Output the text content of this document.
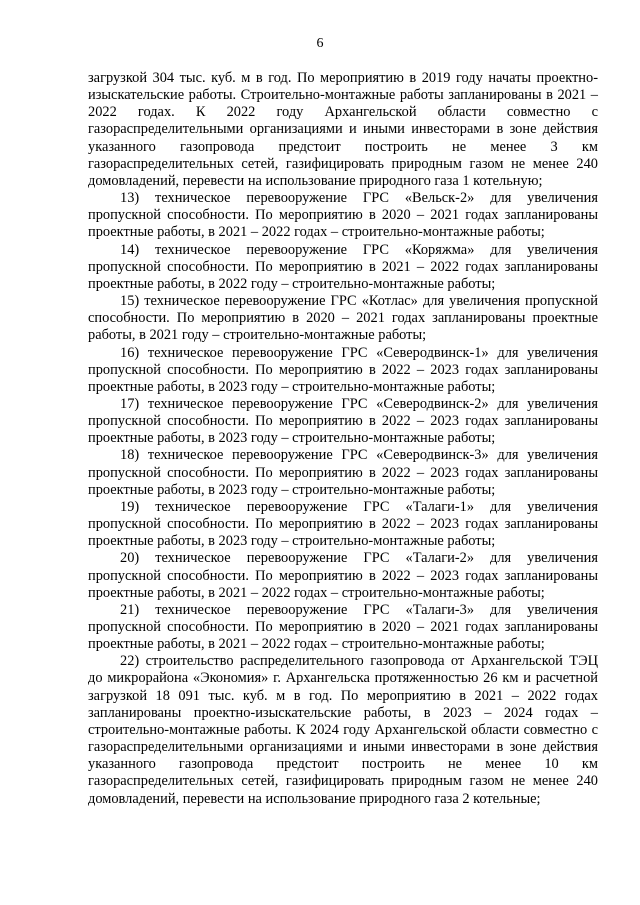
6

загрузкой 304 тыс. куб. м в год. По мероприятию в 2019 году начаты проектно-изыскательские работы. Строительно-монтажные работы запланированы в 2021 – 2022 годах. К 2022 году Архангельской области совместно с газораспределительными организациями и иными инвесторами в зоне действия указанного газопровода предстоит построить не менее 3 км газораспределительных сетей, газифицировать природным газом не менее 240 домовладений, перевести на использование природного газа 1 котельную;

13) техническое перевооружение ГРС «Вельск-2» для увеличения пропускной способности. По мероприятию в 2020 – 2021 годах запланированы проектные работы, в 2021 – 2022 годах – строительно-монтажные работы;

14) техническое перевооружение ГРС «Коряжма» для увеличения пропускной способности. По мероприятию в 2021 – 2022 годах запланированы проектные работы, в 2022 году – строительно-монтажные работы;

15) техническое перевооружение ГРС «Котлас» для увеличения пропускной способности. По мероприятию в 2020 – 2021 годах запланированы проектные работы, в 2021 году – строительно-монтажные работы;

16) техническое перевооружение ГРС «Северодвинск-1» для увеличения пропускной способности. По мероприятию в 2022 – 2023 годах запланированы проектные работы, в 2023 году – строительно-монтажные работы;

17) техническое перевооружение ГРС «Северодвинск-2» для увеличения пропускной способности. По мероприятию в 2022 – 2023 годах запланированы проектные работы, в 2023 году – строительно-монтажные работы;

18) техническое перевооружение ГРС «Северодвинск-3» для увеличения пропускной способности. По мероприятию в 2022 – 2023 годах запланированы проектные работы, в 2023 году – строительно-монтажные работы;

19) техническое перевооружение ГРС «Талаги-1» для увеличения пропускной способности. По мероприятию в 2022 – 2023 годах запланированы проектные работы, в 2023 году – строительно-монтажные работы;

20) техническое перевооружение ГРС «Талаги-2» для увеличения пропускной способности. По мероприятию в 2022 – 2023 годах запланированы проектные работы, в 2021 – 2022 годах – строительно-монтажные работы;

21) техническое перевооружение ГРС «Талаги-3» для увеличения пропускной способности. По мероприятию в 2020 – 2021 годах запланированы проектные работы, в 2021 – 2022 годах – строительно-монтажные работы;

22) строительство распределительного газопровода от Архангельской ТЭЦ до микрорайона «Экономия» г. Архангельска протяженностью 26 км и расчетной загрузкой 18 091 тыс. куб. м в год. По мероприятию в 2021 – 2022 годах запланированы проектно-изыскательские работы, в 2023 – 2024 годах – строительно-монтажные работы. К 2024 году Архангельской области совместно с газораспределительными организациями и иными инвесторами в зоне действия указанного газопровода предстоит построить не менее 10 км газораспределительных сетей, газифицировать природным газом не менее 240 домовладений, перевести на использование природного газа 2 котельные;
